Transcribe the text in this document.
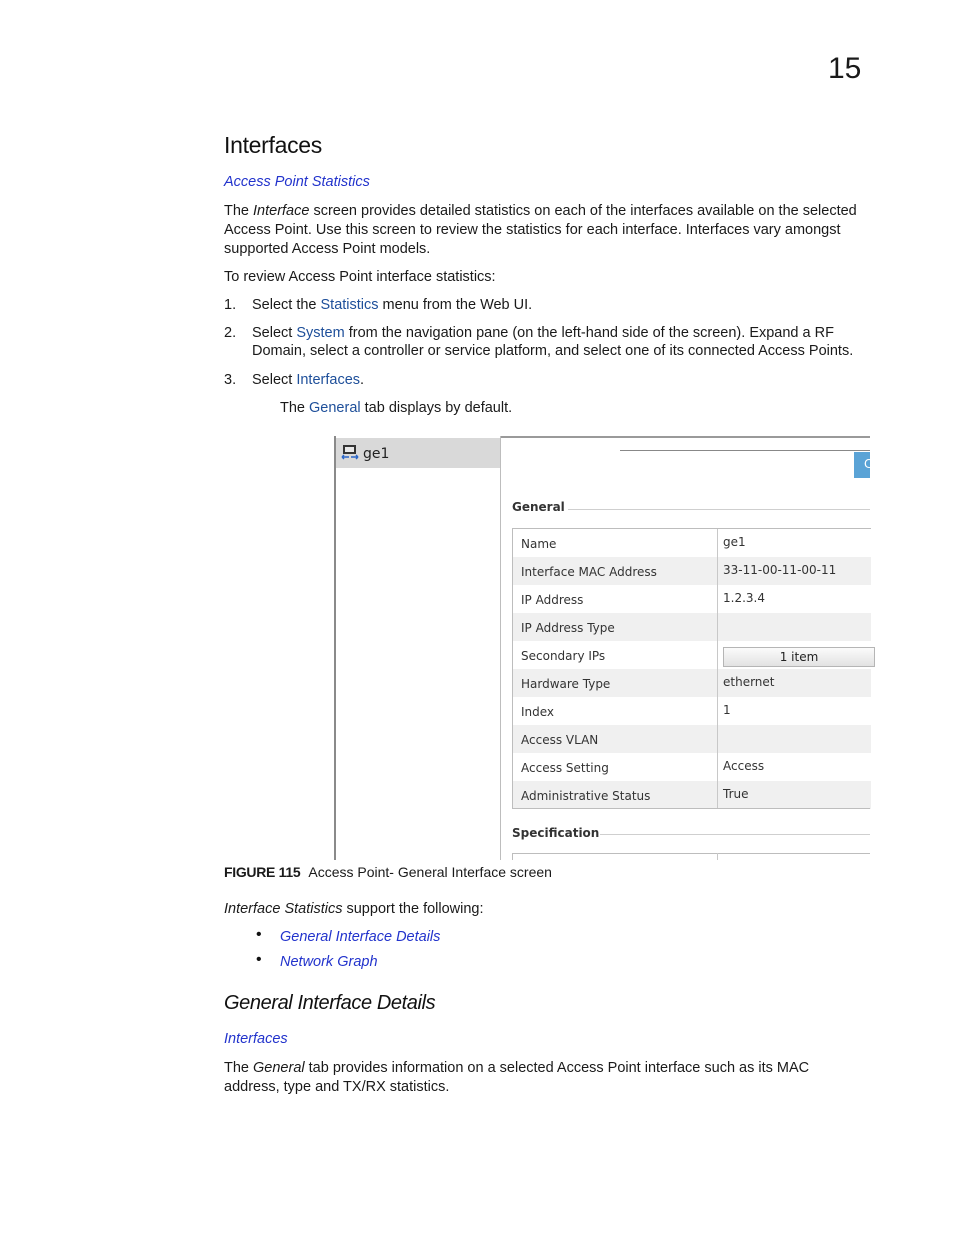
15
Interfaces
Access Point Statistics
The Interface screen provides detailed statistics on each of the interfaces available on the selected
Access Point. Use this screen to review the statistics for each interface. Interfaces vary amongst
supported Access Point models.
To review Access Point interface statistics:
1. Select the Statistics menu from the Web UI.
2. Select System from the navigation pane (on the left-hand side of the screen). Expand a RF
Domain, select a controller or service platform, and select one of its connected Access Points.
3. Select Interfaces.
The General tab displays by default.
ge1
C
General
Name	ge1
Interface MAC Address	33-11-00-11-00-11
IP Address	1.2.3.4
IP Address Type
Secondary IPs	1 item
Hardware Type	ethernet
Index	1
Access VLAN
Access Setting	Access
Administrative Status	True
Specification
FIGURE 115 Access Point- General Interface screen
Interface Statistics support the following:
• General Interface Details
• Network Graph
General Interface Details
Interfaces
The General tab provides information on a selected Access Point interface such as its MAC
address, type and TX/RX statistics.
